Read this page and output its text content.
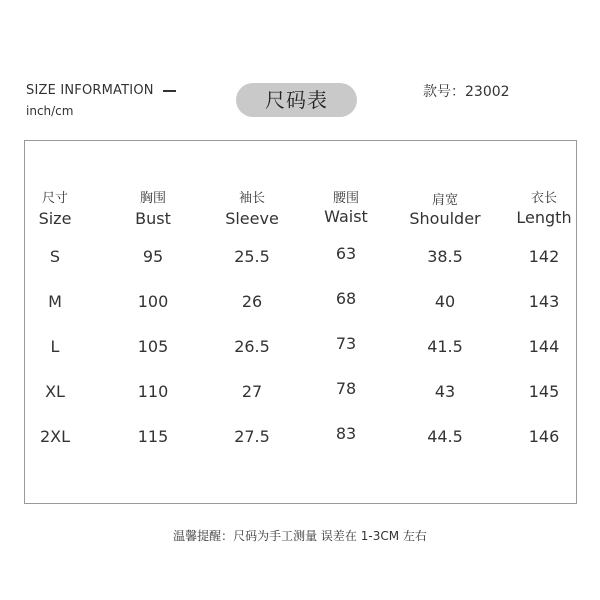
SIZE INFORMATION
inch/cm	尺码表	款号：23002
尺寸
Size
S
M
L
XL
2XL
胸围
Bust
95
100
105
110
115
袖长
Sleeve
25.5
26
26.5
27
27.5
腰围
Waist
63
68
73
78
83
肩宽
Shoulder
38.5
40
41.5
43
44.5
衣长
Length
142
143
144
145
146
温馨提醒：尺码为手工测量 误差在 1-3CM 左右
